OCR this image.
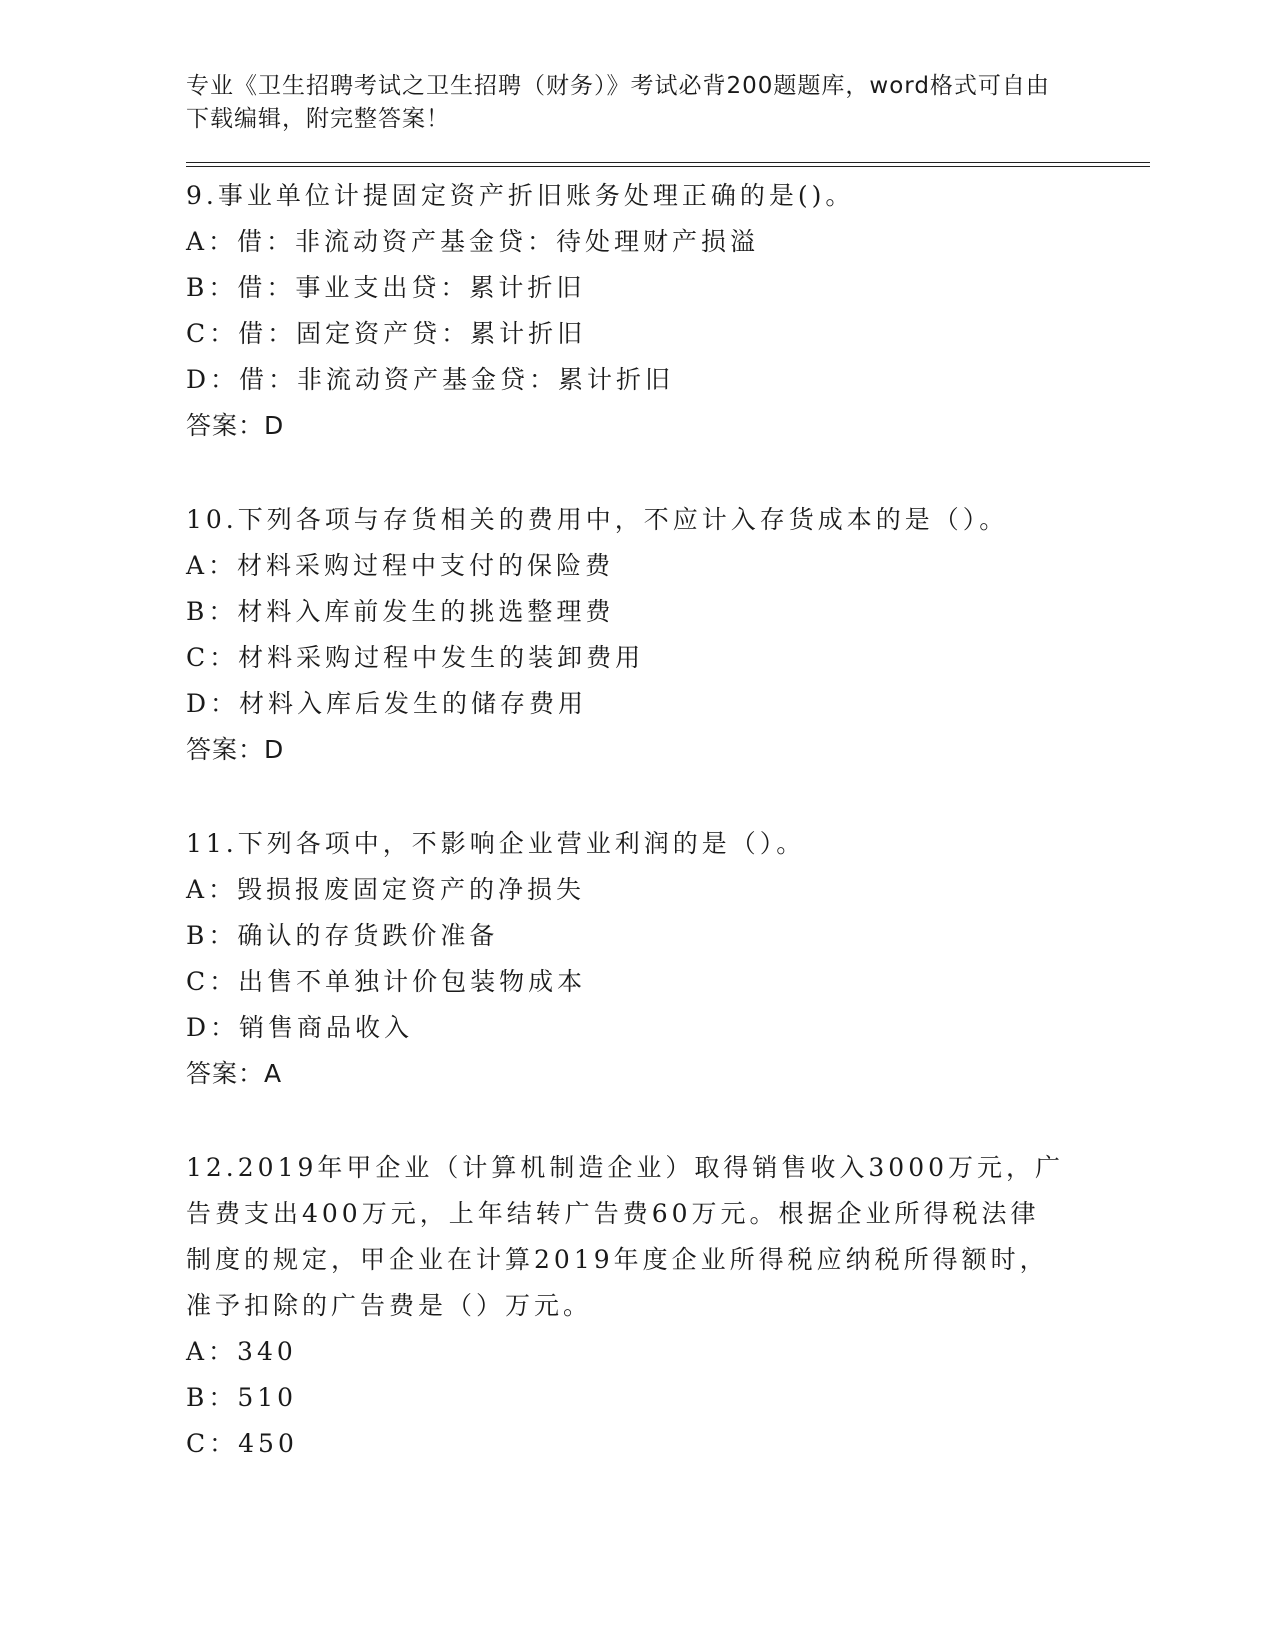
专业《卫生招聘考试之卫生招聘（财务）》考试必背200题题库，word格式可自由下载编辑，附完整答案！
9.事业单位计提固定资产折旧账务处理正确的是()。
A：借：非流动资产基金贷：待处理财产损溢
B：借：事业支出贷：累计折旧
C：借：固定资产贷：累计折旧
D：借：非流动资产基金贷：累计折旧
答案：D
10.下列各项与存货相关的费用中，不应计入存货成本的是（）。
A：材料采购过程中支付的保险费
B：材料入库前发生的挑选整理费
C：材料采购过程中发生的装卸费用
D：材料入库后发生的储存费用
答案：D
11.下列各项中，不影响企业营业利润的是（）。
A：毁损报废固定资产的净损失
B：确认的存货跌价准备
C：出售不单独计价包装物成本
D：销售商品收入
答案：A
12.2019年甲企业（计算机制造企业）取得销售收入3000万元，广告费支出400万元，上年结转广告费60万元。根据企业所得税法律制度的规定，甲企业在计算2019年度企业所得税应纳税所得额时，准予扣除的广告费是（）万元。
A：340
B：510
C：450
